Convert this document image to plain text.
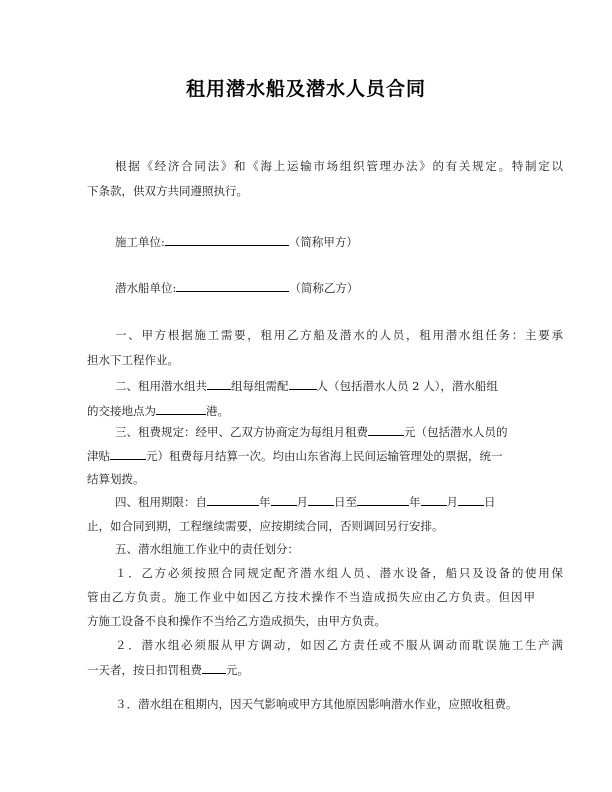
租用潜水船及潜水人员合同
根据《经济合同法》和《海上运输市场组织管理办法》的有关规定。特制定以
下条款，供双方共同遵照执行。
施工单位:	（简称甲方）
潜水船单位:	（简称乙方）
一、甲方根据施工需要，租用乙方船及潜水的人员，租用潜水组任务：主要承
担水下工程作业。
二、租用潜水组共 组每组需配 人（包括潜水人员 2 人），潜水船组
的交接地点为	港。
三、租费规定：经甲、乙双方协商定为每组月租费	元（包括潜水人员的
津贴	元）租费每月结算一次。均由山东省海上民间运输管理处的票据，统一
结算划拨。
四、租用期限：自	年 月 日至	年 月 日
止，如合同到期，工程继续需要，应按期续合同，否则调回另行安排。
五、潜水组施工作业中的责任划分：
１．乙方必须按照合同规定配齐潜水组人员、潜水设备，船只及设备的使用保
管由乙方负责。施工作业中如因乙方技术操作不当造成损失应由乙方负责。但因甲
方施工设备不良和操作不当给乙方造成损失，由甲方负责。
２．潜水组必须服从甲方调动，如因乙方责任或不服从调动而耽误施工生产满
一天者，按日扣罚租费 元。
３．潜水组在租期内，因天气影响或甲方其他原因影响潜水作业，应照收租费。
